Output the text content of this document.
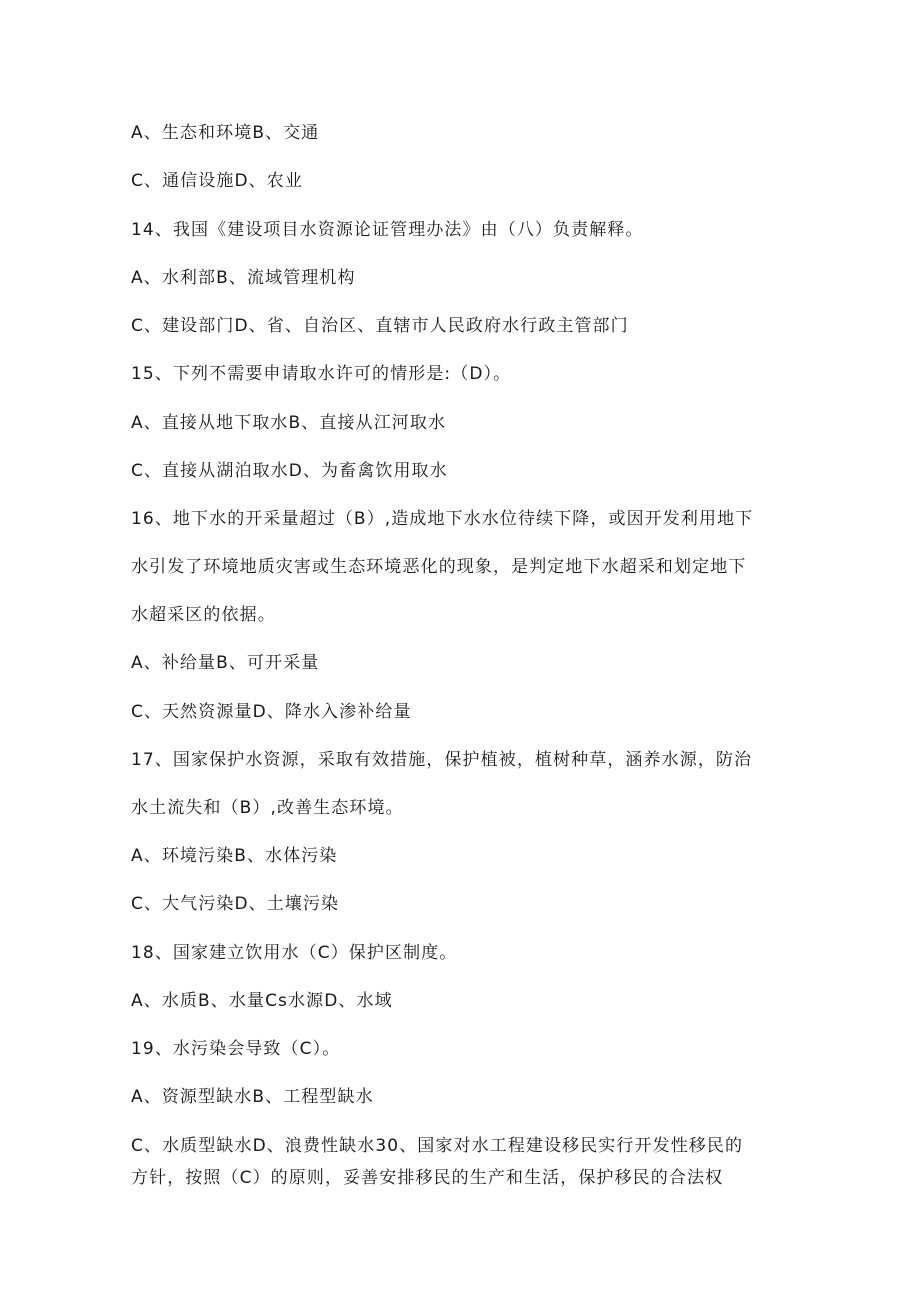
A、生态和环境B、交通
C、通信设施D、农业
14、我国《建设项目水资源论证管理办法》由（八）负责解释。
A、水利部B、流域管理机构
C、建设部门D、省、自治区、直辖市人民政府水行政主管部门
15、下列不需要申请取水许可的情形是:（D）。
A、直接从地下取水B、直接从江河取水
C、直接从湖泊取水D、为畜禽饮用取水
16、地下水的开采量超过（B）,造成地下水水位待续下降，或因开发利用地下
水引发了环境地质灾害或生态环境恶化的现象，是判定地下水超采和划定地下
水超采区的依据。
A、补给量B、可开采量
C、天然资源量D、降水入渗补给量
17、国家保护水资源，采取有效措施，保护植被，植树种草，涵养水源，防治
水土流失和（B）,改善生态环境。
A、环境污染B、水体污染
C、大气污染D、土壤污染
18、国家建立饮用水（C）保护区制度。
A、水质B、水量Cs水源D、水域
19、水污染会导致（C）。
A、资源型缺水B、工程型缺水
C、水质型缺水D、浪费性缺水30、国家对水工程建设移民实行开发性移民的
方针，按照（C）的原则，妥善安排移民的生产和生活，保护移民的合法权
